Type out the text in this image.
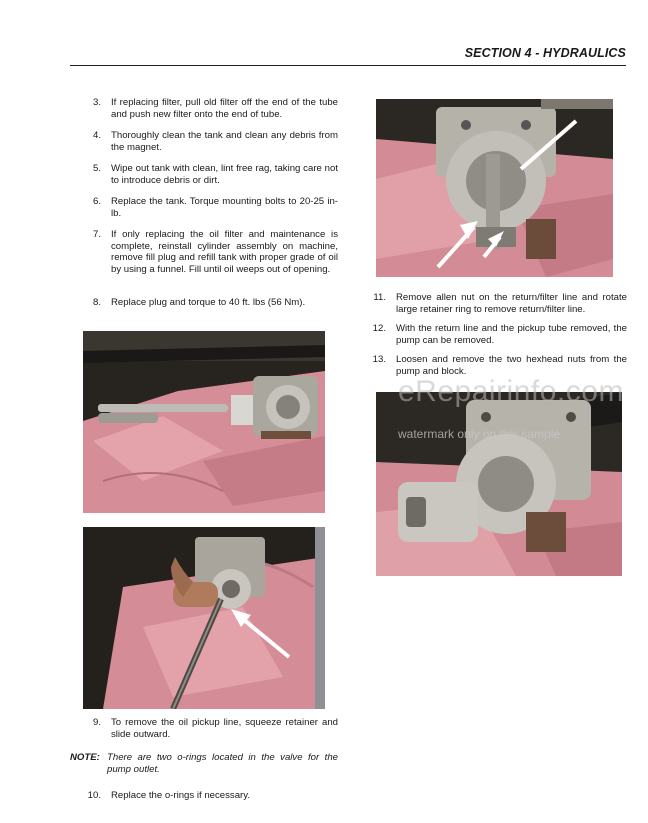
SECTION 4 - HYDRAULICS
3. If replacing filter, pull old filter off the end of the tube and push new filter onto the end of tube.
4. Thoroughly clean the tank and clean any debris from the magnet.
5. Wipe out tank with clean, lint free rag, taking care not to introduce debris or dirt.
6. Replace the tank. Torque mounting bolts to 20-25 in-lb.
7. If only replacing the oil filter and maintenance is complete, reinstall cylinder assembly on machine, remove fill plug and refill tank with proper grade of oil by using a funnel. Fill until oil weeps out of opening.
8. Replace plug and torque to 40 ft. lbs (56 Nm).	11. Remove allen nut on the return/filter line and rotate large retainer ring to remove return/filter line.
12. With the return line and the pickup tube removed, the pump can be removed.
13. Loosen and remove the two hexhead nuts from the pump and block.
eRepairinfo.com
watermark only on this sample
9. To remove the oil pickup line, squeeze retainer and slide outward.
NOTE: There are two o-rings located in the valve for the pump outlet.
10. Replace the o-rings if necessary.
